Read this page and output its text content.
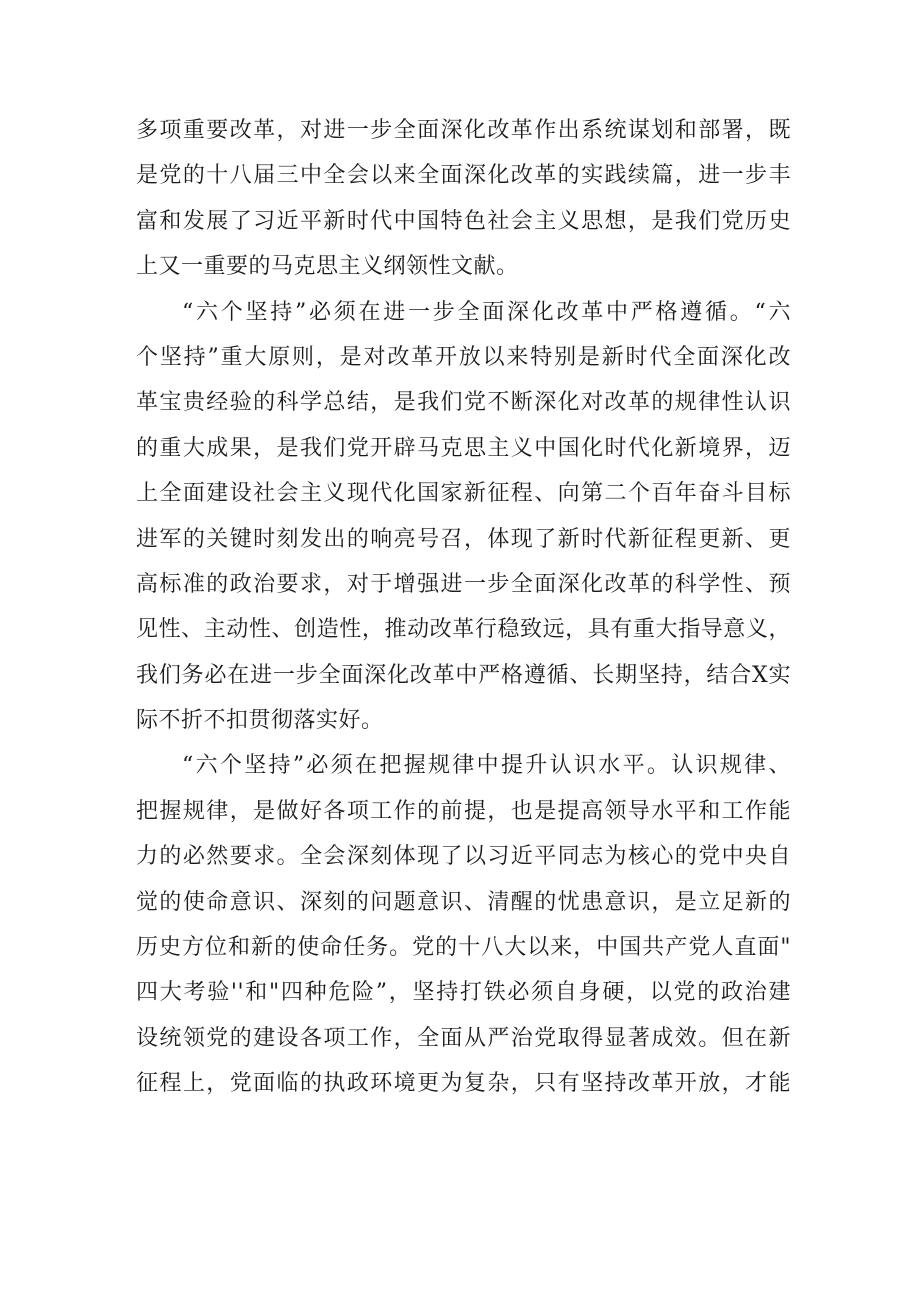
多项重要改革，对进一步全面深化改革作出系统谋划和部署，既
是党的十八届三中全会以来全面深化改革的实践续篇，进一步丰
富和发展了习近平新时代中国特色社会主义思想，是我们党历史
上又一重要的马克思主义纲领性文献。
“六个坚持”必须在进一步全面深化改革中严格遵循。“六
个坚持”重大原则，是对改革开放以来特别是新时代全面深化改
革宝贵经验的科学总结，是我们党不断深化对改革的规律性认识
的重大成果，是我们党开辟马克思主义中国化时代化新境界，迈
上全面建设社会主义现代化国家新征程、向第二个百年奋斗目标
进军的关键时刻发出的响亮号召，体现了新时代新征程更新、更
高标准的政治要求，对于增强进一步全面深化改革的科学性、预
见性、主动性、创造性，推动改革行稳致远，具有重大指导意义，
我们务必在进一步全面深化改革中严格遵循、长期坚持，结合X实
际不折不扣贯彻落实好。
“六个坚持”必须在把握规律中提升认识水平。认识规律、
把握规律，是做好各项工作的前提，也是提高领导水平和工作能
力的必然要求。全会深刻体现了以习近平同志为核心的党中央自
觉的使命意识、深刻的问题意识、清醒的忧患意识，是立足新的
历史方位和新的使命任务。党的十八大以来，中国共产党人直面"
四大考验''和"四种危险”，坚持打铁必须自身硬，以党的政治建
设统领党的建设各项工作，全面从严治党取得显著成效。但在新
征程上，党面临的执政环境更为复杂，只有坚持改革开放，才能
